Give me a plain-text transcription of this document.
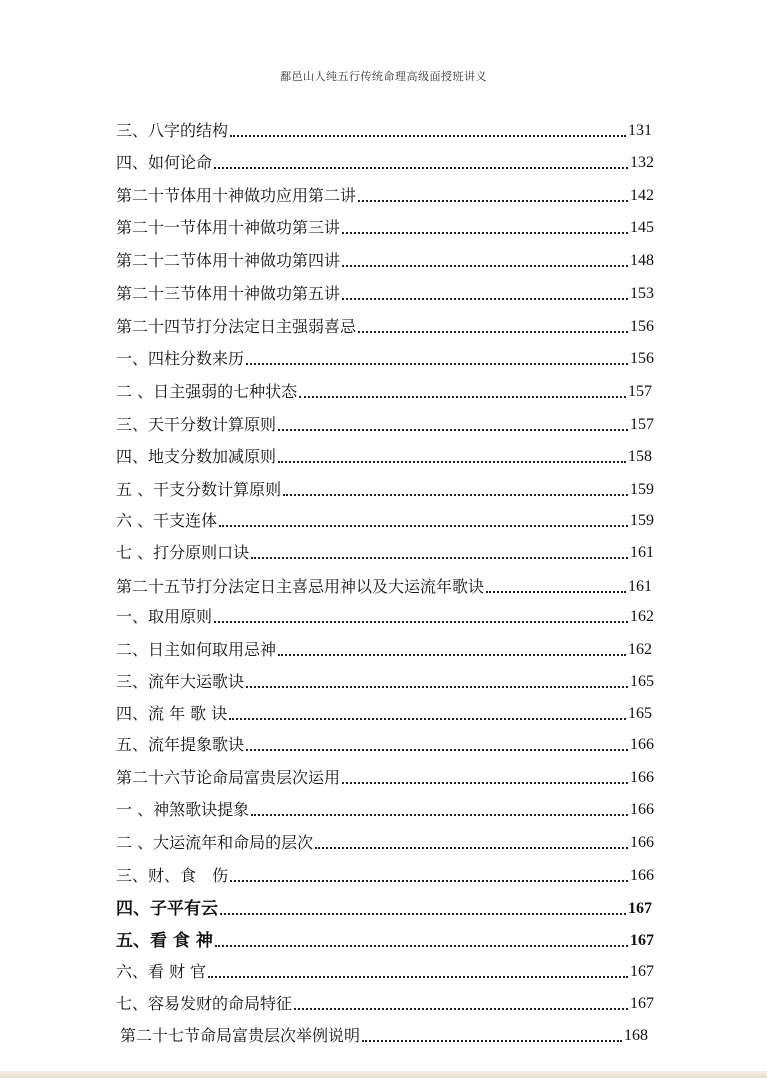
鄱邑山人纯五行传统命理高级面授班讲义
三、八字的结构	131
四、如何论命	132
第二十节体用十神做功应用第二讲	142
第二十一节体用十神做功第三讲	145
第二十二节体用十神做功第四讲	148
第二十三节体用十神做功第五讲	153
第二十四节打分法定日主强弱喜忌	156
一、四柱分数来历	156
二 、日主强弱的七种状态	157
三、天干分数计算原则	157
四、地支分数加减原则	158
五 、干支分数计算原则	159
六 、干支连体	159
七 、打分原则口诀	161
第二十五节打分法定日主喜忌用神以及大运流年歌诀	161
一、取用原则	162
二、日主如何取用忌神	162
三、流年大运歌诀	165
四、流 年 歌 诀	165
五、流年提象歌诀	166
第二十六节论命局富贵层次运用	166
一 、神煞歌诀提象	166
二 、大运流年和命局的层次	166
三、财、食　伤	166
四、子平有云	167
五、看 食 神	167
六、看 财 官	167
七、容易发财的命局特征	167
第二十七节命局富贵层次举例说明	168
